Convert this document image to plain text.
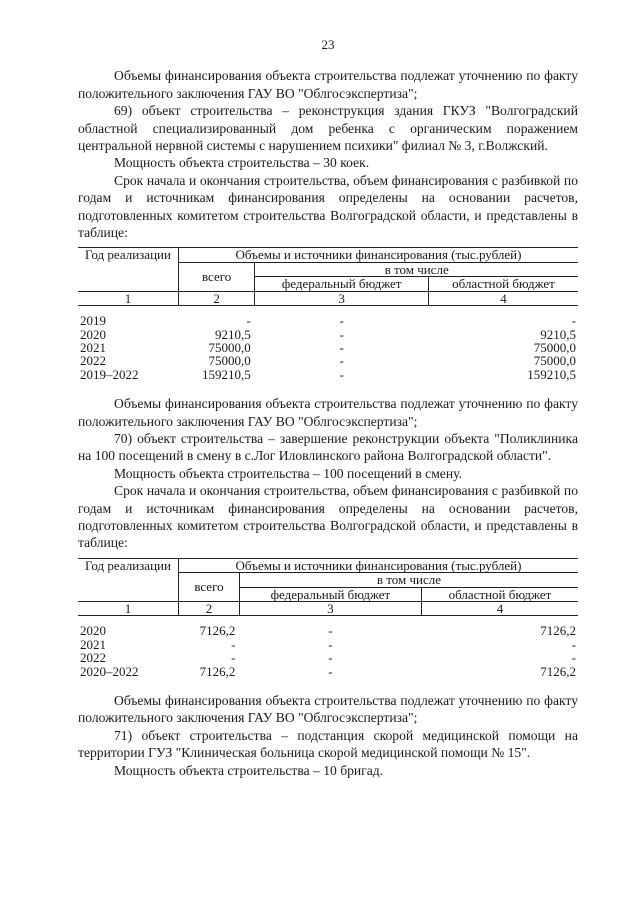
23

Объемы финансирования объекта строительства подлежат уточнению по факту положительного заключения ГАУ ВО "Облгосэкспертиза";

69) объект строительства – реконструкция здания ГКУЗ "Волгоградский областной специализированный дом ребенка с органическим поражением центральной нервной системы с нарушением психики" филиал № 3, г.Волжский.

Мощность объекта строительства – 30 коек.

Срок начала и окончания строительства, объем финансирования с разбивкой по годам и источникам финансирования определены на основании расчетов, подготовленных комитетом строительства Волгоградской области, и представлены в таблице:

Год реализации	Объемы и источники финансирования (тыс.рублей)		
	всего	в том числе	
		федеральный бюджет	областной бюджет
1	2	3	4

2019	-	-	-
2020	9210,5	-	9210,5
2021	75000,0	-	75000,0
2022	75000,0	-	75000,0
2019–2022	159210,5	-	159210,5

Объемы финансирования объекта строительства подлежат уточнению по факту положительного заключения ГАУ ВО "Облгосэкспертиза";

70) объект строительства – завершение реконструкции объекта "Поликлиника на 100 посещений в смену в с.Лог Иловлинского района Волгоградской области".

Мощность объекта строительства – 100 посещений в смену.

Срок начала и окончания строительства, объем финансирования с разбивкой по годам и источникам финансирования определены на основании расчетов, подготовленных комитетом строительства Волгоградской области, и представлены в таблице:

Год реализации	Объемы и источники финансирования (тыс.рублей)		
	всего	в том числе	
		федеральный бюджет	областной бюджет
1	2	3	4

2020	7126,2	-	7126,2
2021	-	-	-
2022	-	-	-
2020–2022	7126,2	-	7126,2

Объемы финансирования объекта строительства подлежат уточнению по факту положительного заключения ГАУ ВО "Облгосэкспертиза";

71) объект строительства – подстанция скорой медицинской помощи на территории ГУЗ "Клиническая больница скорой медицинской помощи № 15".

Мощность объекта строительства – 10 бригад.
